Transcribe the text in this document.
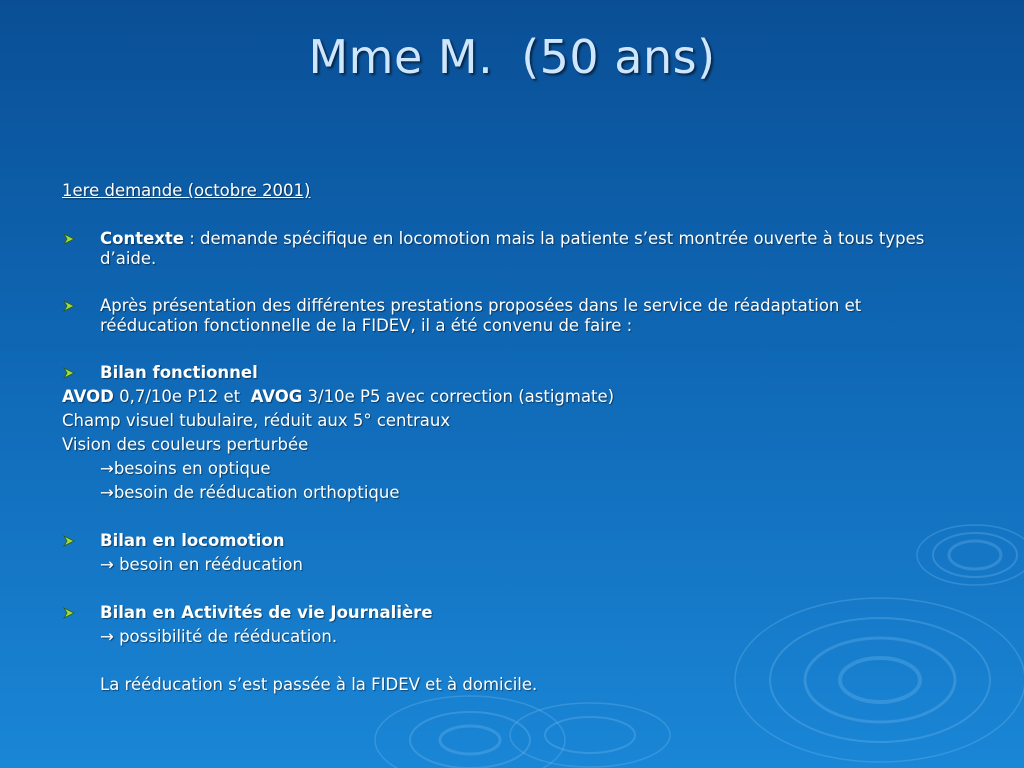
Mme M. (50 ans)
1ere demande (octobre 2001)
Contexte : demande spécifique en locomotion mais la patiente s’est montrée ouverte à tous types d’aide.
Après présentation des différentes prestations proposées dans le service de réadaptation et rééducation fonctionnelle de la FIDEV, il a été convenu de faire :
Bilan fonctionnel
AVOD 0,7/10e P12 et  AVOG 3/10e P5 avec correction (astigmate)
Champ visuel tubulaire, réduit aux 5° centraux
Vision des couleurs perturbée
→besoins en optique
→besoin de rééducation orthoptique
Bilan en locomotion
→ besoin en rééducation
Bilan en Activités de vie Journalière
→ possibilité de rééducation.
La rééducation s’est passée à la FIDEV et à domicile.
